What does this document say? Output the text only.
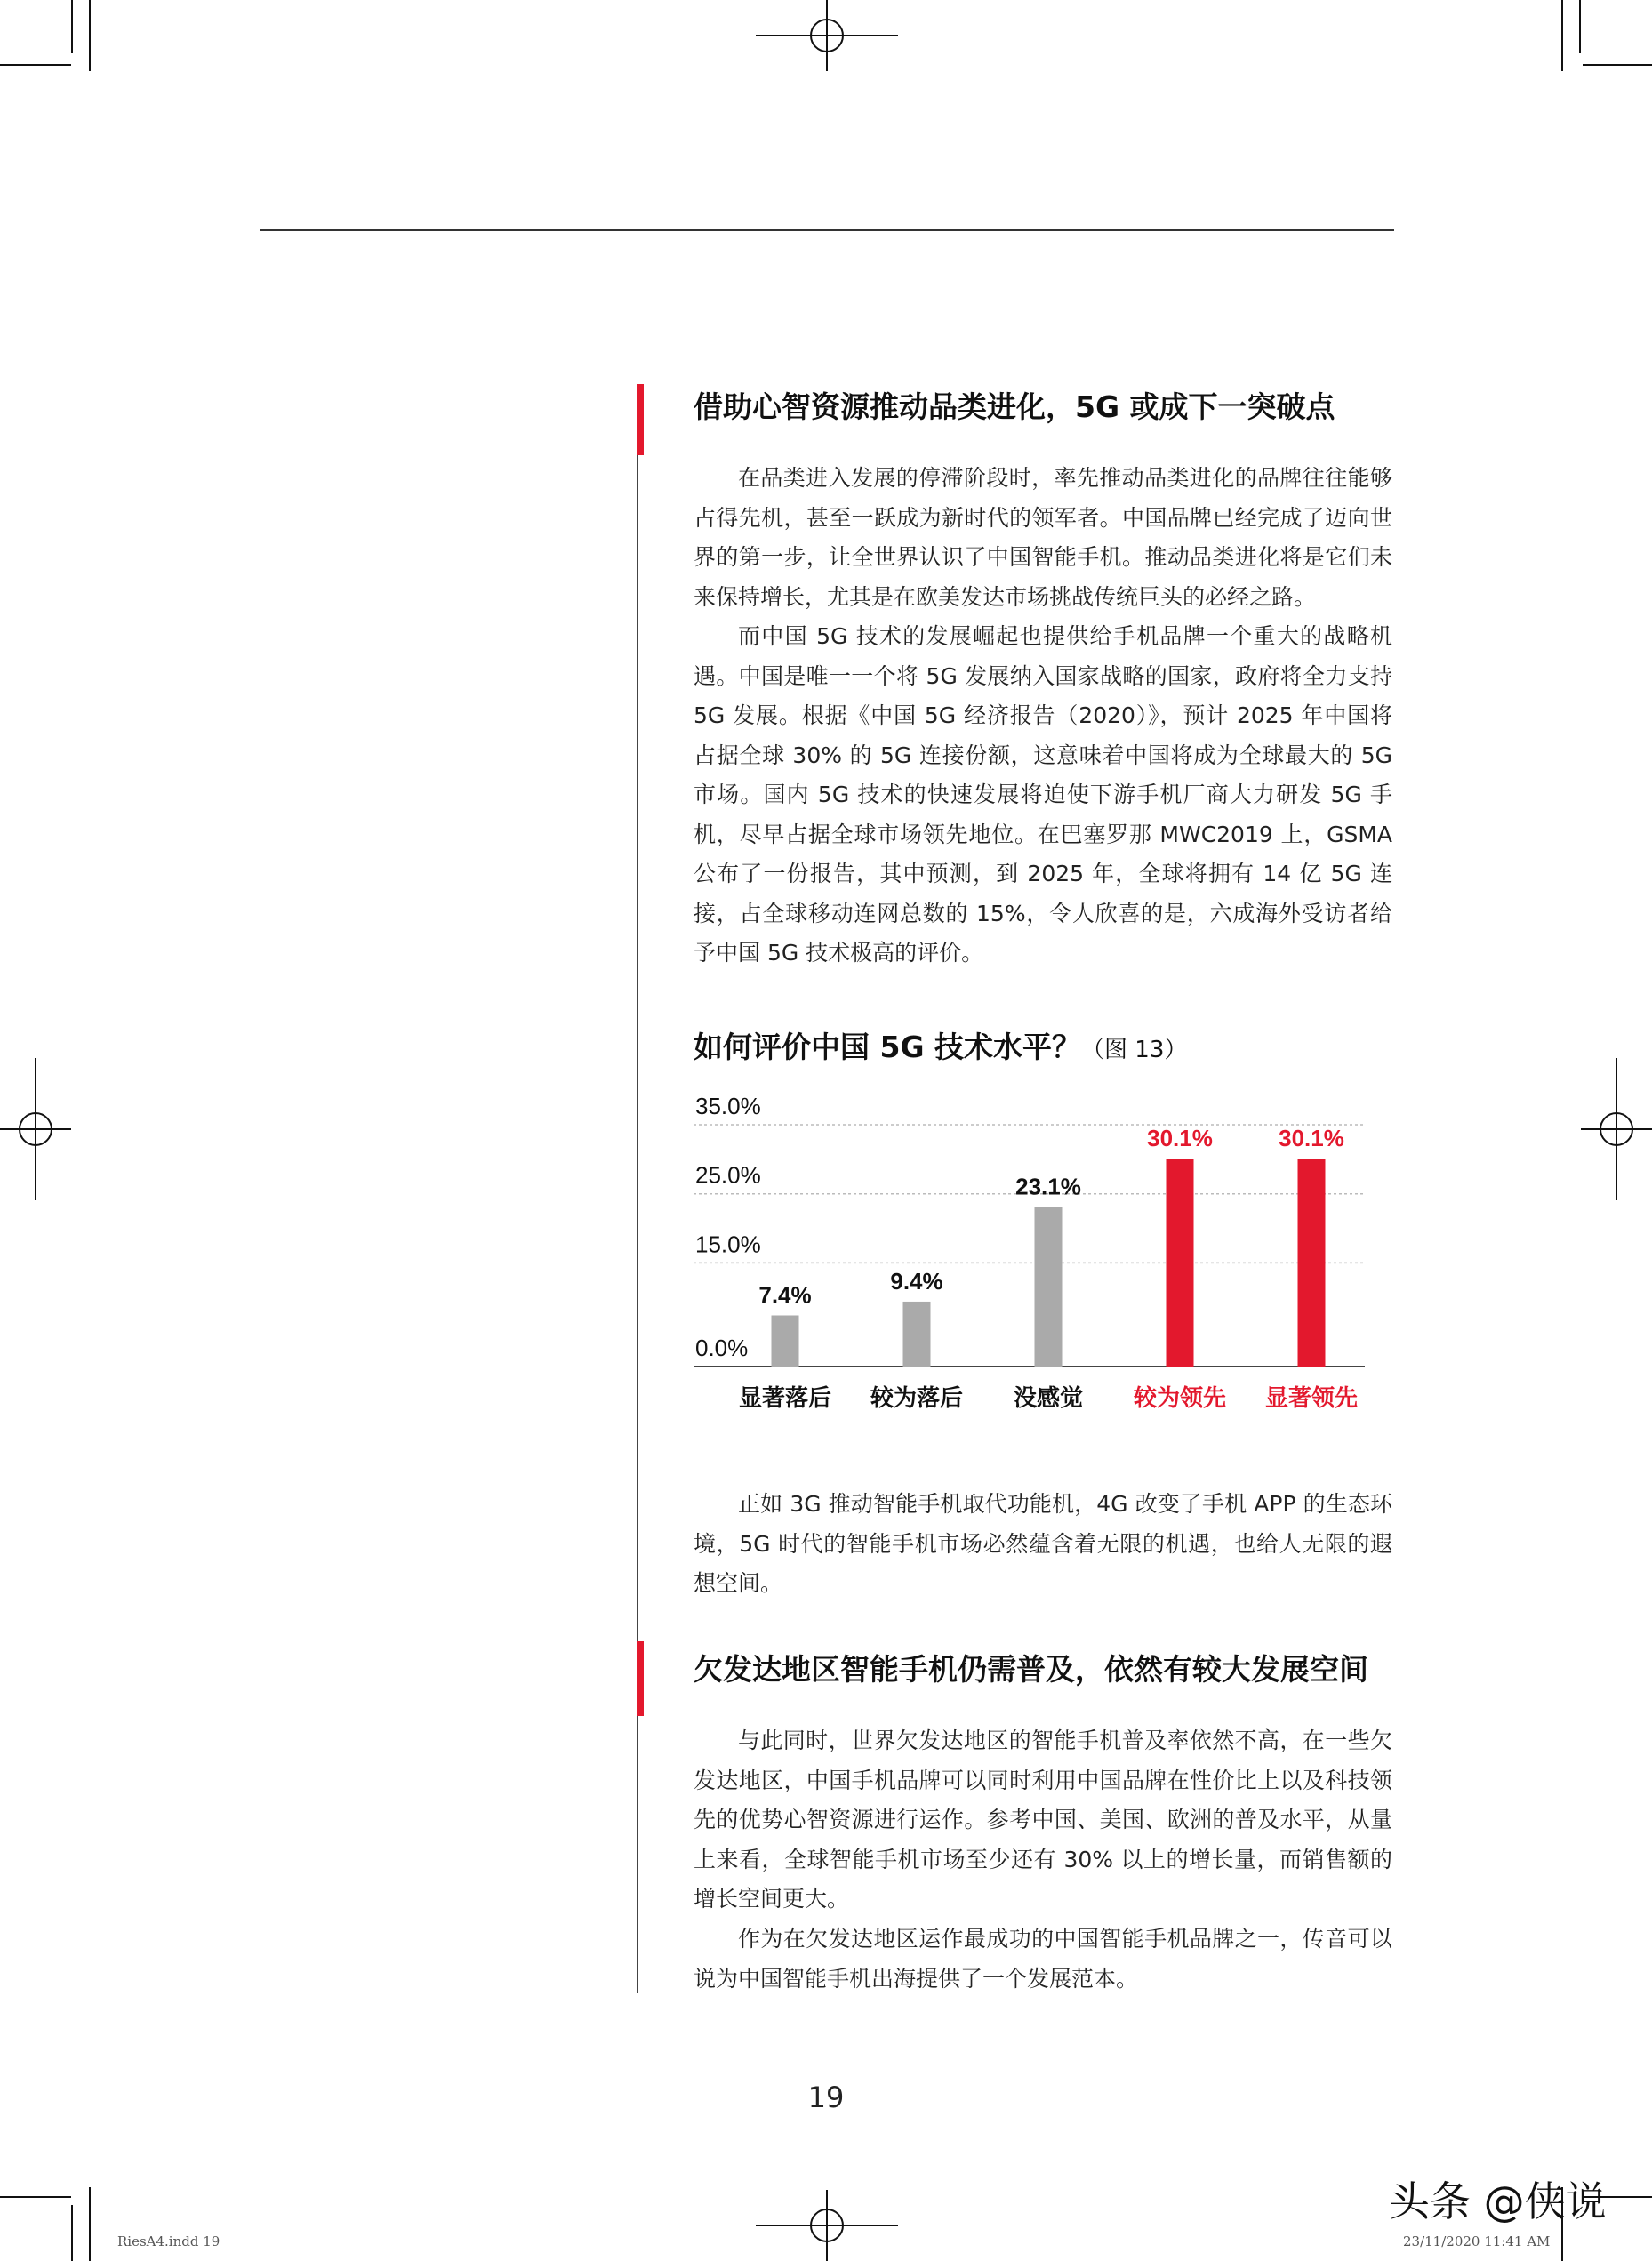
借助心智资源推动品类进化，5G 或成下一突破点

在品类进入发展的停滞阶段时，率先推动品类进化的品牌往往能够占得先机，甚至一跃成为新时代的领军者。中国品牌已经完成了迈向世界的第一步，让全世界认识了中国智能手机。推动品类进化将是它们未来保持增长，尤其是在欧美发达市场挑战传统巨头的必经之路。

而中国 5G 技术的发展崛起也提供给手机品牌一个重大的战略机遇。中国是唯一一个将 5G 发展纳入国家战略的国家，政府将全力支持 5G 发展。根据《中国 5G 经济报告（2020）》，预计 2025 年中国将占据全球 30% 的 5G 连接份额，这意味着中国将成为全球最大的 5G 市场。国内 5G 技术的快速发展将迫使下游手机厂商大力研发 5G 手机，尽早占据全球市场领先地位。在巴塞罗那 MWC2019 上，GSMA 公布了一份报告，其中预测，到 2025 年，全球将拥有 14 亿 5G 连接，占全球移动连网总数的 15%，令人欣喜的是，六成海外受访者给予中国 5G 技术极高的评价。

如何评价中国 5G 技术水平？（图 13）
0.0%
15.0%
25.0%
35.0%
7.4%
显著落后
9.4%
较为落后
23.1%
没感觉
30.1%
较为领先
30.1%
显著领先

正如 3G 推动智能手机取代功能机，4G 改变了手机 APP 的生态环境，5G 时代的智能手机市场必然蕴含着无限的机遇，也给人无限的遐想空间。

欠发达地区智能手机仍需普及，依然有较大发展空间

与此同时，世界欠发达地区的智能手机普及率依然不高，在一些欠发达地区，中国手机品牌可以同时利用中国品牌在性价比上以及科技领先的优势心智资源进行运作。参考中国、美国、欧洲的普及水平，从量上来看，全球智能手机市场至少还有 30% 以上的增长量，而销售额的增长空间更大。

作为在欠发达地区运作最成功的中国智能手机品牌之一，传音可以说为中国智能手机出海提供了一个发展范本。

19
RiesA4.indd 19	23/11/2020 11:41 AM
头条 @侠说
